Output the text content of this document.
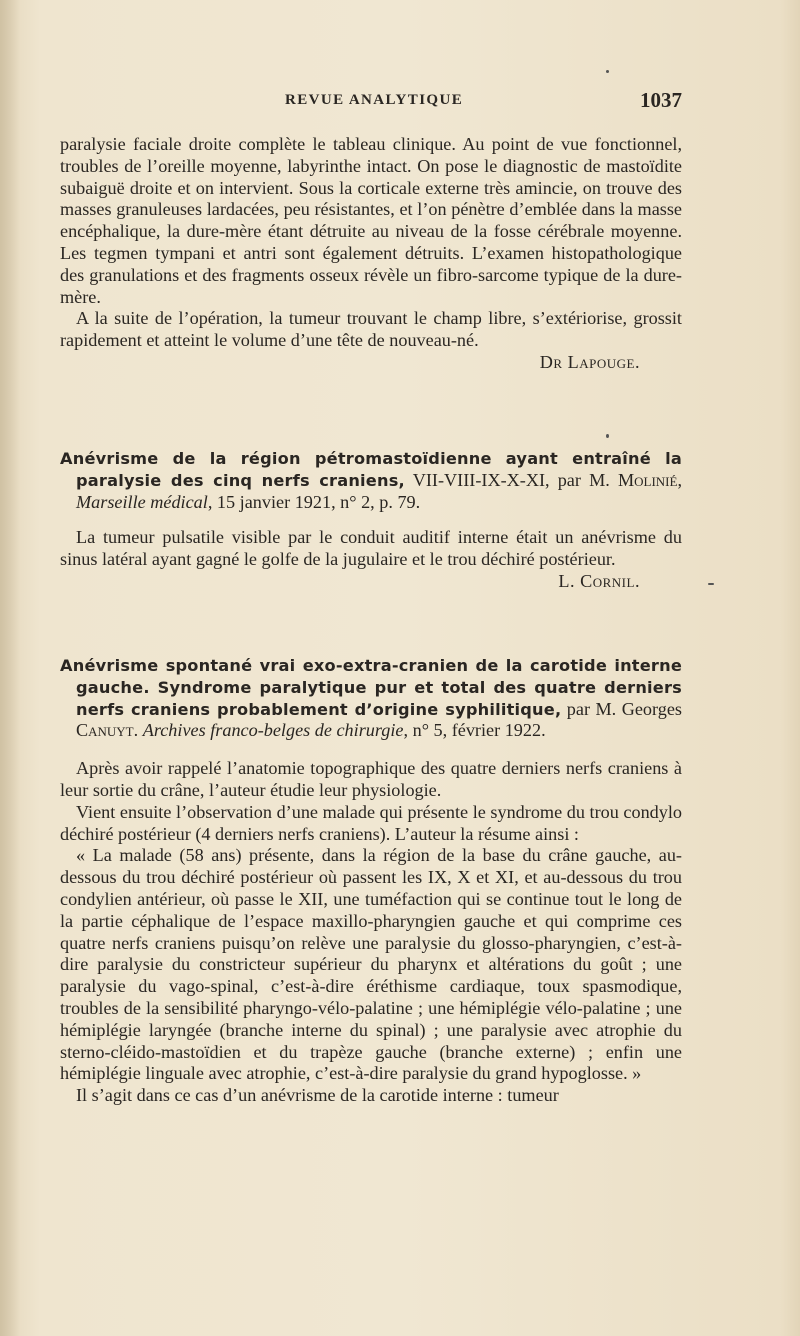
REVUE ANALYTIQUE	1037

paralysie faciale droite complète le tableau clinique. Au point de vue fonctionnel, troubles de l’oreille moyenne, labyrinthe intact. On pose le diagnostic de mastoïdite subaiguë droite et on intervient. Sous la corticale externe très amincie, on trouve des masses granuleuses lardacées, peu résistantes, et l’on pénètre d’emblée dans la masse encéphalique, la dure-mère étant détruite au niveau de la fosse cérébrale moyenne. Les tegmen tympani et antri sont également détruits. L’examen histopathologique des granulations et des fragments osseux révèle un fibro-sarcome typique de la dure-mère.

A la suite de l’opération, la tumeur trouvant le champ libre, s’extériorise, grossit rapidement et atteint le volume d’une tête de nouveau-né.

Dr Lapouge.

Anévrisme de la région pétromastoïdienne ayant entraîné la paralysie des cinq nerfs craniens, VII-VIII-IX-X-XI, par M. Molinié, Marseille médical, 15 janvier 1921, n° 2, p. 79.

La tumeur pulsatile visible par le conduit auditif interne était un anévrisme du sinus latéral ayant gagné le golfe de la jugulaire et le trou déchiré postérieur.

L. Cornil.

Anévrisme spontané vrai exo-extra-cranien de la carotide interne gauche. Syndrome paralytique pur et total des quatre derniers nerfs craniens probablement d’origine syphilitique, par M. Georges Canuyt. Archives franco-belges de chirurgie, n° 5, février 1922.

Après avoir rappelé l’anatomie topographique des quatre derniers nerfs craniens à leur sortie du crâne, l’auteur étudie leur physiologie.

Vient ensuite l’observation d’une malade qui présente le syndrome du trou condylo déchiré postérieur (4 derniers nerfs craniens). L’auteur la résume ainsi :

« La malade (58 ans) présente, dans la région de la base du crâne gauche, au-dessous du trou déchiré postérieur où passent les IX, X et XI, et au-dessous du trou condylien antérieur, où passe le XII, une tuméfaction qui se continue tout le long de la partie céphalique de l’espace maxillo-pharyngien gauche et qui comprime ces quatre nerfs craniens puisqu’on relève une paralysie du glosso-pharyngien, c’est-à-dire paralysie du constricteur supérieur du pharynx et altérations du goût ; une paralysie du vago-spinal, c’est-à-dire éréthisme cardiaque, toux spasmodique, troubles de la sensibilité pharyngo-vélo-palatine ; une hémiplégie vélo-palatine ; une hémiplégie laryngée (branche interne du spinal) ; une paralysie avec atrophie du sterno-cléido-mastoïdien et du trapèze gauche (branche externe) ; enfin une hémiplégie linguale avec atrophie, c’est-à-dire paralysie du grand hypoglosse. »

Il s’agit dans ce cas d’un anévrisme de la carotide interne : tumeur
